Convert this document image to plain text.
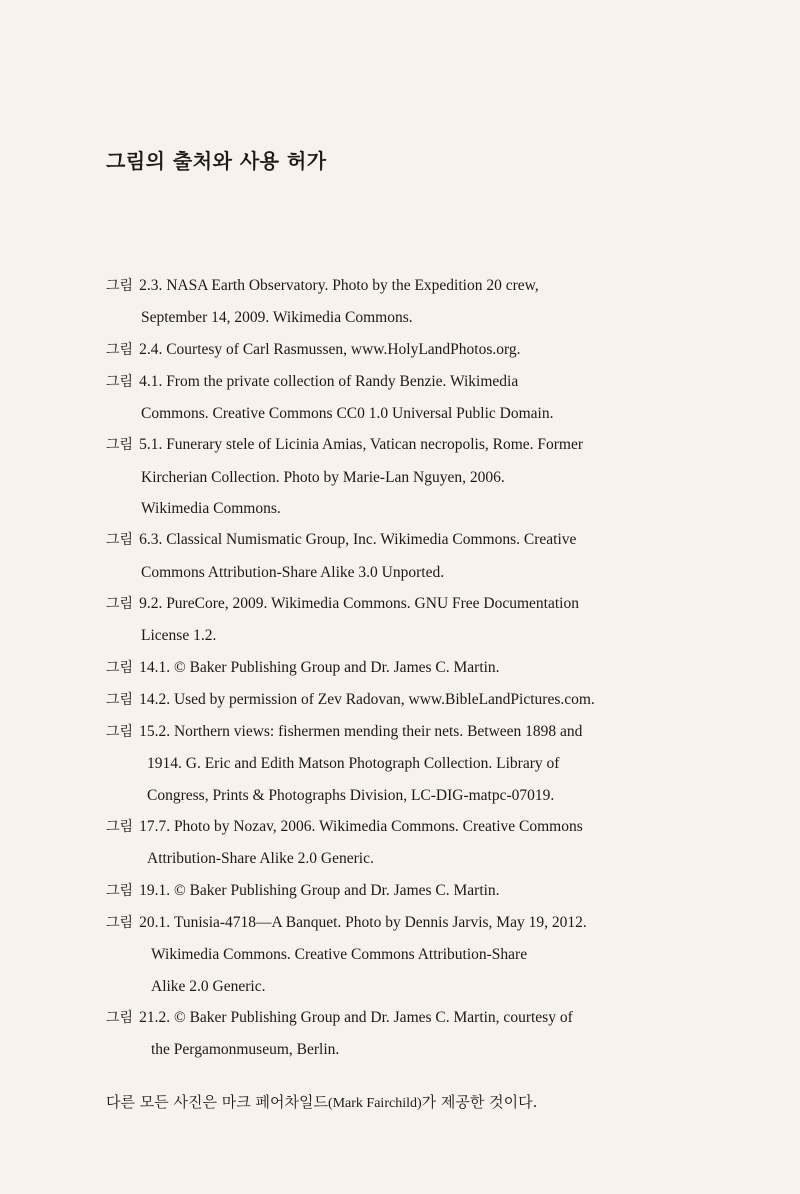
그림의 출처와 사용 허가
그림 2.3. NASA Earth Observatory. Photo by the Expedition 20 crew,
September 14, 2009. Wikimedia Commons.
그림 2.4. Courtesy of Carl Rasmussen, www.HolyLandPhotos.org.
그림 4.1. From the private collection of Randy Benzie. Wikimedia
Commons. Creative Commons CC0 1.0 Universal Public Domain.
그림 5.1. Funerary stele of Licinia Amias, Vatican necropolis, Rome. Former
Kircherian Collection. Photo by Marie-Lan Nguyen, 2006.
Wikimedia Commons.
그림 6.3. Classical Numismatic Group, Inc. Wikimedia Commons. Creative
Commons Attribution-Share Alike 3.0 Unported.
그림 9.2. PureCore, 2009. Wikimedia Commons. GNU Free Documentation
License 1.2.
그림 14.1. © Baker Publishing Group and Dr. James C. Martin.
그림 14.2. Used by permission of Zev Radovan, www.BibleLandPictures.com.
그림 15.2. Northern views: fishermen mending their nets. Between 1898 and
1914. G. Eric and Edith Matson Photograph Collection. Library of
Congress, Prints & Photographs Division, LC-DIG-matpc-07019.
그림 17.7. Photo by Nozav, 2006. Wikimedia Commons. Creative Commons
Attribution-Share Alike 2.0 Generic.
그림 19.1. © Baker Publishing Group and Dr. James C. Martin.
그림 20.1. Tunisia-4718—A Banquet. Photo by Dennis Jarvis, May 19, 2012.
Wikimedia Commons. Creative Commons Attribution-Share
Alike 2.0 Generic.
그림 21.2. © Baker Publishing Group and Dr. James C. Martin, courtesy of
the Pergamonmuseum, Berlin.

다른 모든 사진은 마크 페어차일드(Mark Fairchild)가 제공한 것이다.
